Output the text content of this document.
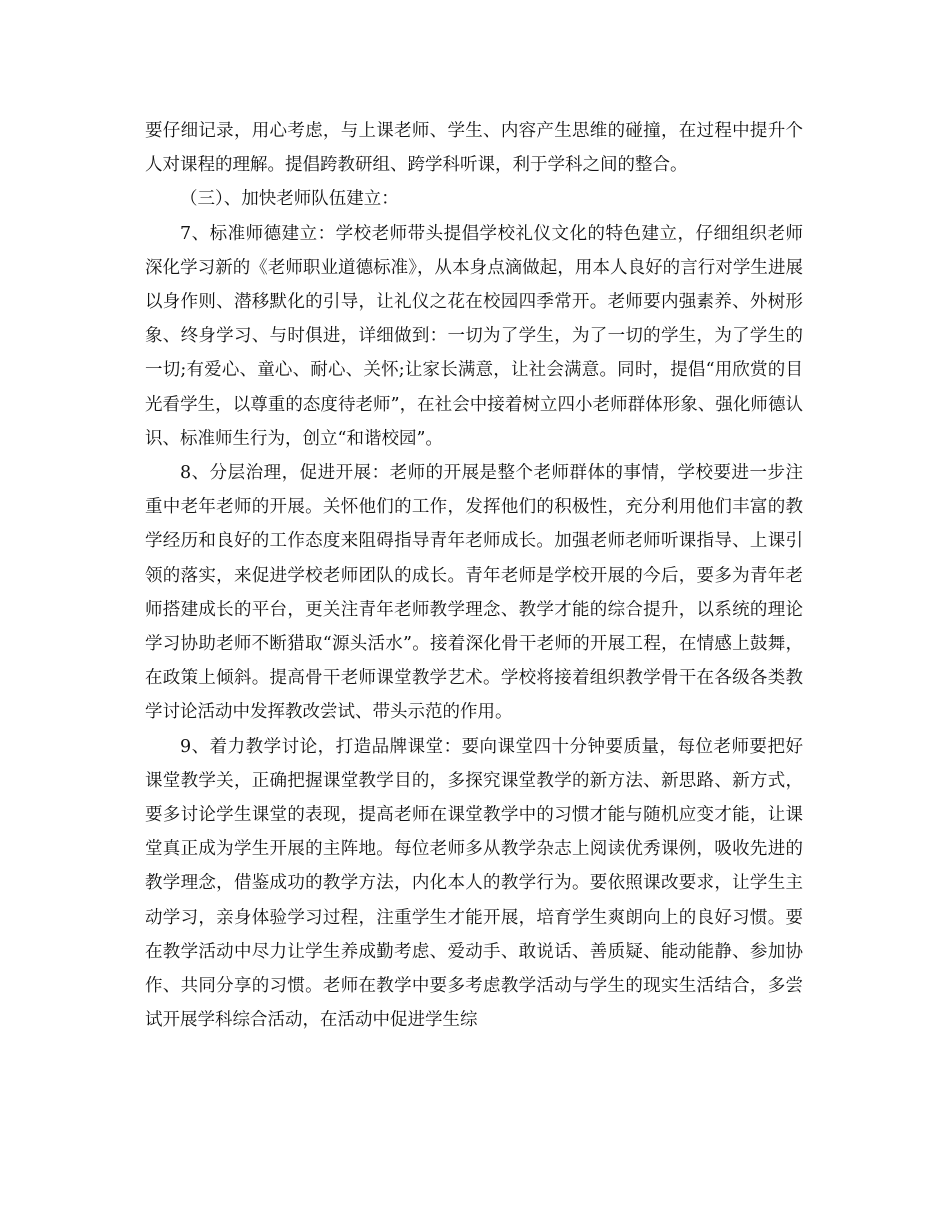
要仔细记录，用心考虑，与上课老师、学生、内容产生思维的碰撞，在过程中提升个人对课程的理解。提倡跨教研组、跨学科听课，利于学科之间的整合。

（三）、加快老师队伍建立：

7、标准师德建立：学校老师带头提倡学校礼仪文化的特色建立，仔细组织老师深化学习新的《老师职业道德标准》，从本身点滴做起，用本人良好的言行对学生进展以身作则、潜移默化的引导，让礼仪之花在校园四季常开。老师要内强素养、外树形象、终身学习、与时俱进，详细做到：一切为了学生，为了一切的学生，为了学生的一切;有爱心、童心、耐心、关怀;让家长满意，让社会满意。同时，提倡“用欣赏的目光看学生，以尊重的态度待老师”，在社会中接着树立四小老师群体形象、强化师德认识、标准师生行为，创立“和谐校园”。

8、分层治理，促进开展：老师的开展是整个老师群体的事情，学校要进一步注重中老年老师的开展。关怀他们的工作，发挥他们的积极性，充分利用他们丰富的教学经历和良好的工作态度来阻碍指导青年老师成长。加强老师老师听课指导、上课引领的落实，来促进学校老师团队的成长。青年老师是学校开展的今后，要多为青年老师搭建成长的平台，更关注青年老师教学理念、教学才能的综合提升，以系统的理论学习协助老师不断猎取“源头活水”。接着深化骨干老师的开展工程，在情感上鼓舞，在政策上倾斜。提高骨干老师课堂教学艺术。学校将接着组织教学骨干在各级各类教学讨论活动中发挥教改尝试、带头示范的作用。

9、着力教学讨论，打造品牌课堂：要向课堂四十分钟要质量，每位老师要把好课堂教学关，正确把握课堂教学目的，多探究课堂教学的新方法、新思路、新方式，要多讨论学生课堂的表现，提高老师在课堂教学中的习惯才能与随机应变才能，让课堂真正成为学生开展的主阵地。每位老师多从教学杂志上阅读优秀课例，吸收先进的教学理念，借鉴成功的教学方法，内化本人的教学行为。要依照课改要求，让学生主动学习，亲身体验学习过程，注重学生才能开展，培育学生爽朗向上的良好习惯。要在教学活动中尽力让学生养成勤考虑、爱动手、敢说话、善质疑、能动能静、参加协作、共同分享的习惯。老师在教学中要多考虑教学活动与学生的现实生活结合，多尝试开展学科综合活动，在活动中促进学生综
